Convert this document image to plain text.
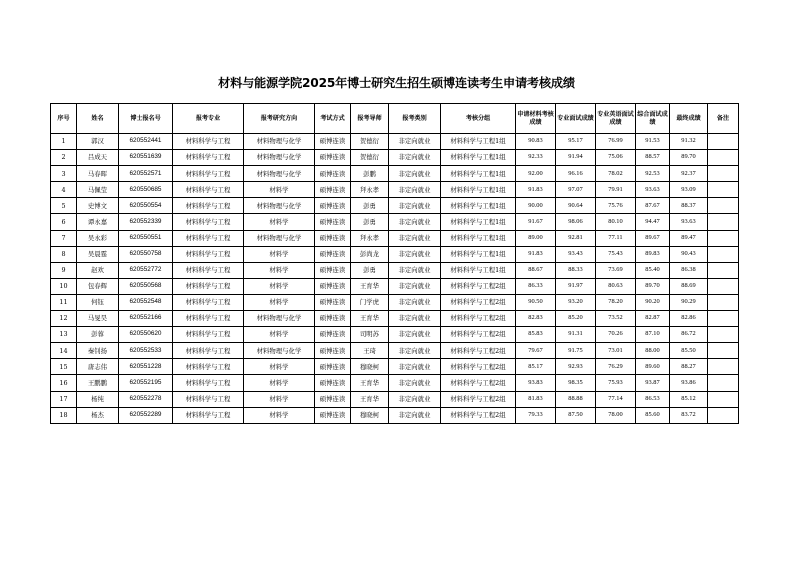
材料与能源学院2025年博士研究生招生硕博连读考生申请考核成绩
序号	姓名	博士报名号	报考专业	报考研究方向	考试方式	报考导师	报考类别	考核分组	申请材料考核成绩	专业面试成绩	专业英语面试成绩	综合面试成绩	最终成绩	备注
1	郭汉	620552441	材料科学与工程	材料物理与化学	硕博连读	贺德衍	非定向就业	材料科学与工程1组	90.83	95.17	76.99	91.53	91.32	
2	吕成天	620551639	材料科学与工程	材料物理与化学	硕博连读	贺德衍	非定向就业	材料科学与工程1组	92.33	91.94	75.06	88.57	89.70	
3	马春晖	620552571	材料科学与工程	材料物理与化学	硕博连读	彭鹏	非定向就业	材料科学与工程1组	92.00	96.16	78.02	92.53	92.37	
4	马佩莹	620550685	材料科学与工程	材料学	硕博连读	拜永孝	非定向就业	材料科学与工程1组	91.83	97.07	79.91	93.63	93.09	
5	史博文	620550554	材料科学与工程	材料物理与化学	硕博连读	彭勇	非定向就业	材料科学与工程1组	90.00	90.64	75.76	87.67	88.37	
6	谭永嘉	620552339	材料科学与工程	材料学	硕博连读	彭勇	非定向就业	材料科学与工程1组	91.67	98.06	80.10	94.47	93.63	
7	吴永彩	620550551	材料科学与工程	材料物理与化学	硕博连读	拜永孝	非定向就业	材料科学与工程1组	89.00	92.81	77.11	89.67	89.47	
8	吴晨霆	620550758	材料科学与工程	材料学	硕博连读	彭尚龙	非定向就业	材料科学与工程1组	91.83	93.43	75.43	89.83	90.43	
9	赵欢	620552772	材料科学与工程	材料学	硕博连读	彭勇	非定向就业	材料科学与工程1组	88.67	88.33	73.69	85.40	86.38	
10	包春辉	620550568	材料科学与工程	材料学	硕博连读	王育华	非定向就业	材料科学与工程2组	86.33	91.97	80.63	89.70	88.69	
11	何钰	620552548	材料科学与工程	材料学	硕博连读	门学虎	非定向就业	材料科学与工程2组	90.50	93.20	78.20	90.20	90.29	
12	马旻昊	620552166	材料科学与工程	材料物理与化学	硕博连读	王育华	非定向就业	材料科学与工程2组	82.83	85.20	73.52	82.87	82.86	
13	彭蓉	620550620	材料科学与工程	材料学	硕博连读	司明苏	非定向就业	材料科学与工程2组	85.83	91.31	70.26	87.10	86.72	
14	秦钊扬	620552533	材料科学与工程	材料物理与化学	硕博连读	王琦	非定向就业	材料科学与工程2组	79.67	91.75	73.01	88.00	85.50	
15	唐志伟	620551228	材料科学与工程	材料学	硕博连读	穆晓柯	非定向就业	材料科学与工程2组	85.17	92.93	76.29	89.60	88.27	
16	王鹏鹏	620552195	材料科学与工程	材料学	硕博连读	王育华	非定向就业	材料科学与工程2组	93.83	98.35	75.93	93.87	93.86	
17	杨纯	620552278	材料科学与工程	材料学	硕博连读	王育华	非定向就业	材料科学与工程2组	81.83	88.88	77.14	86.53	85.12	
18	杨杰	620552289	材料科学与工程	材料学	硕博连读	穆晓柯	非定向就业	材料科学与工程2组	79.33	87.50	78.00	85.60	83.72	
